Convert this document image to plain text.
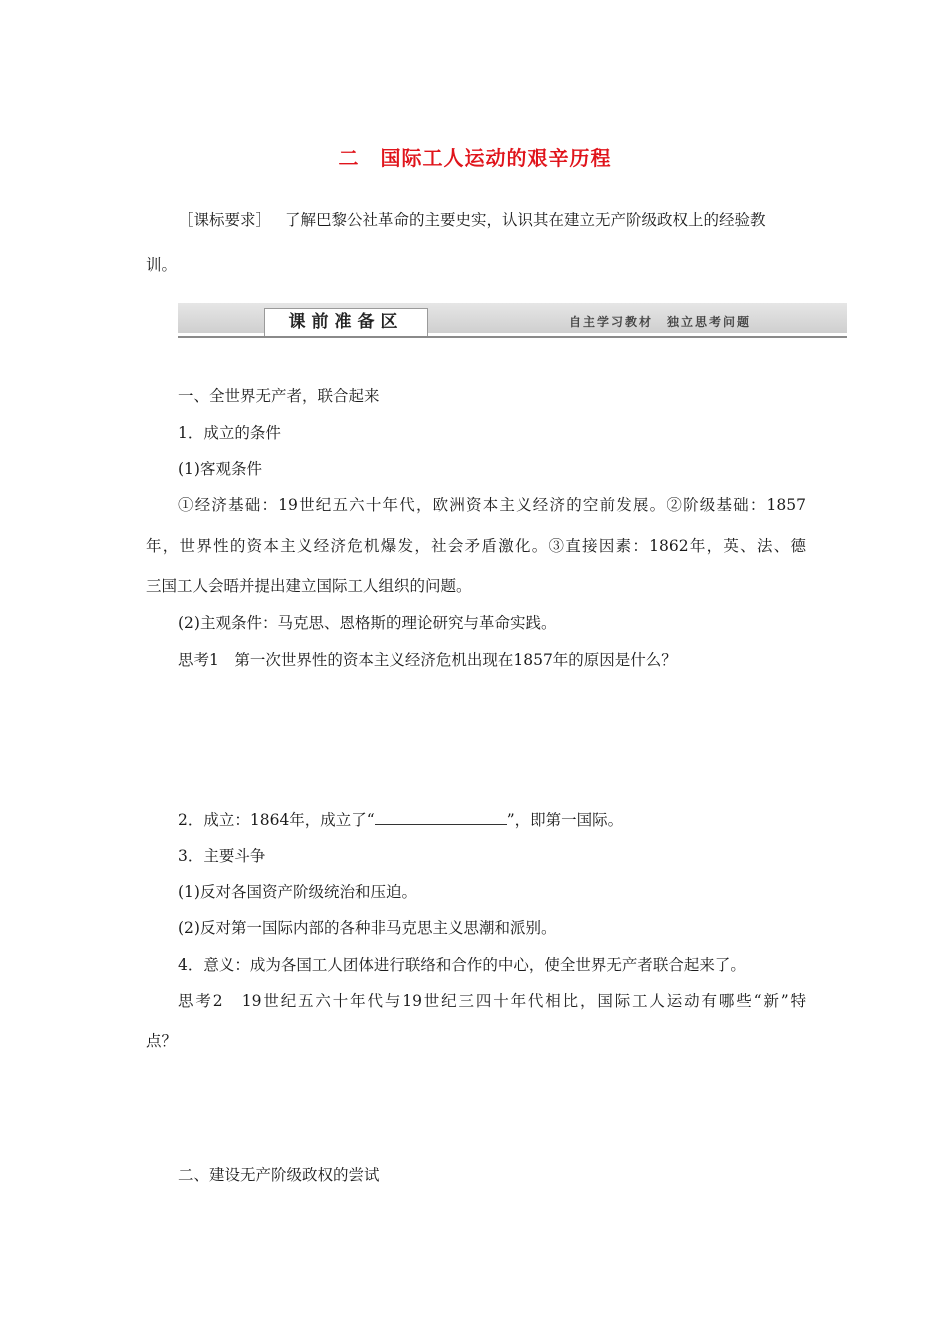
二　国际工人运动的艰辛历程
［课标要求］ 了解巴黎公社革命的主要史实，认识其在建立无产阶级政权上的经验教
训。
课前准备区	自主学习教材　独立思考问题
一、全世界无产者，联合起来
1．成立的条件
(1)客观条件
①经济基础：19世纪五六十年代，欧洲资本主义经济的空前发展。②阶级基础：1857
年，世界性的资本主义经济危机爆发，社会矛盾激化。③直接因素：1862年，英、法、德
三国工人会晤并提出建立国际工人组织的问题。
(2)主观条件：马克思、恩格斯的理论研究与革命实践。
思考1　第一次世界性的资本主义经济危机出现在1857年的原因是什么？
2．成立：1864年，成立了“	”，即第一国际。
3．主要斗争
(1)反对各国资产阶级统治和压迫。
(2)反对第一国际内部的各种非马克思主义思潮和派别。
4．意义：成为各国工人团体进行联络和合作的中心，使全世界无产者联合起来了。
思考2　19世纪五六十年代与19世纪三四十年代相比，国际工人运动有哪些“新”特
点？
二、建设无产阶级政权的尝试
